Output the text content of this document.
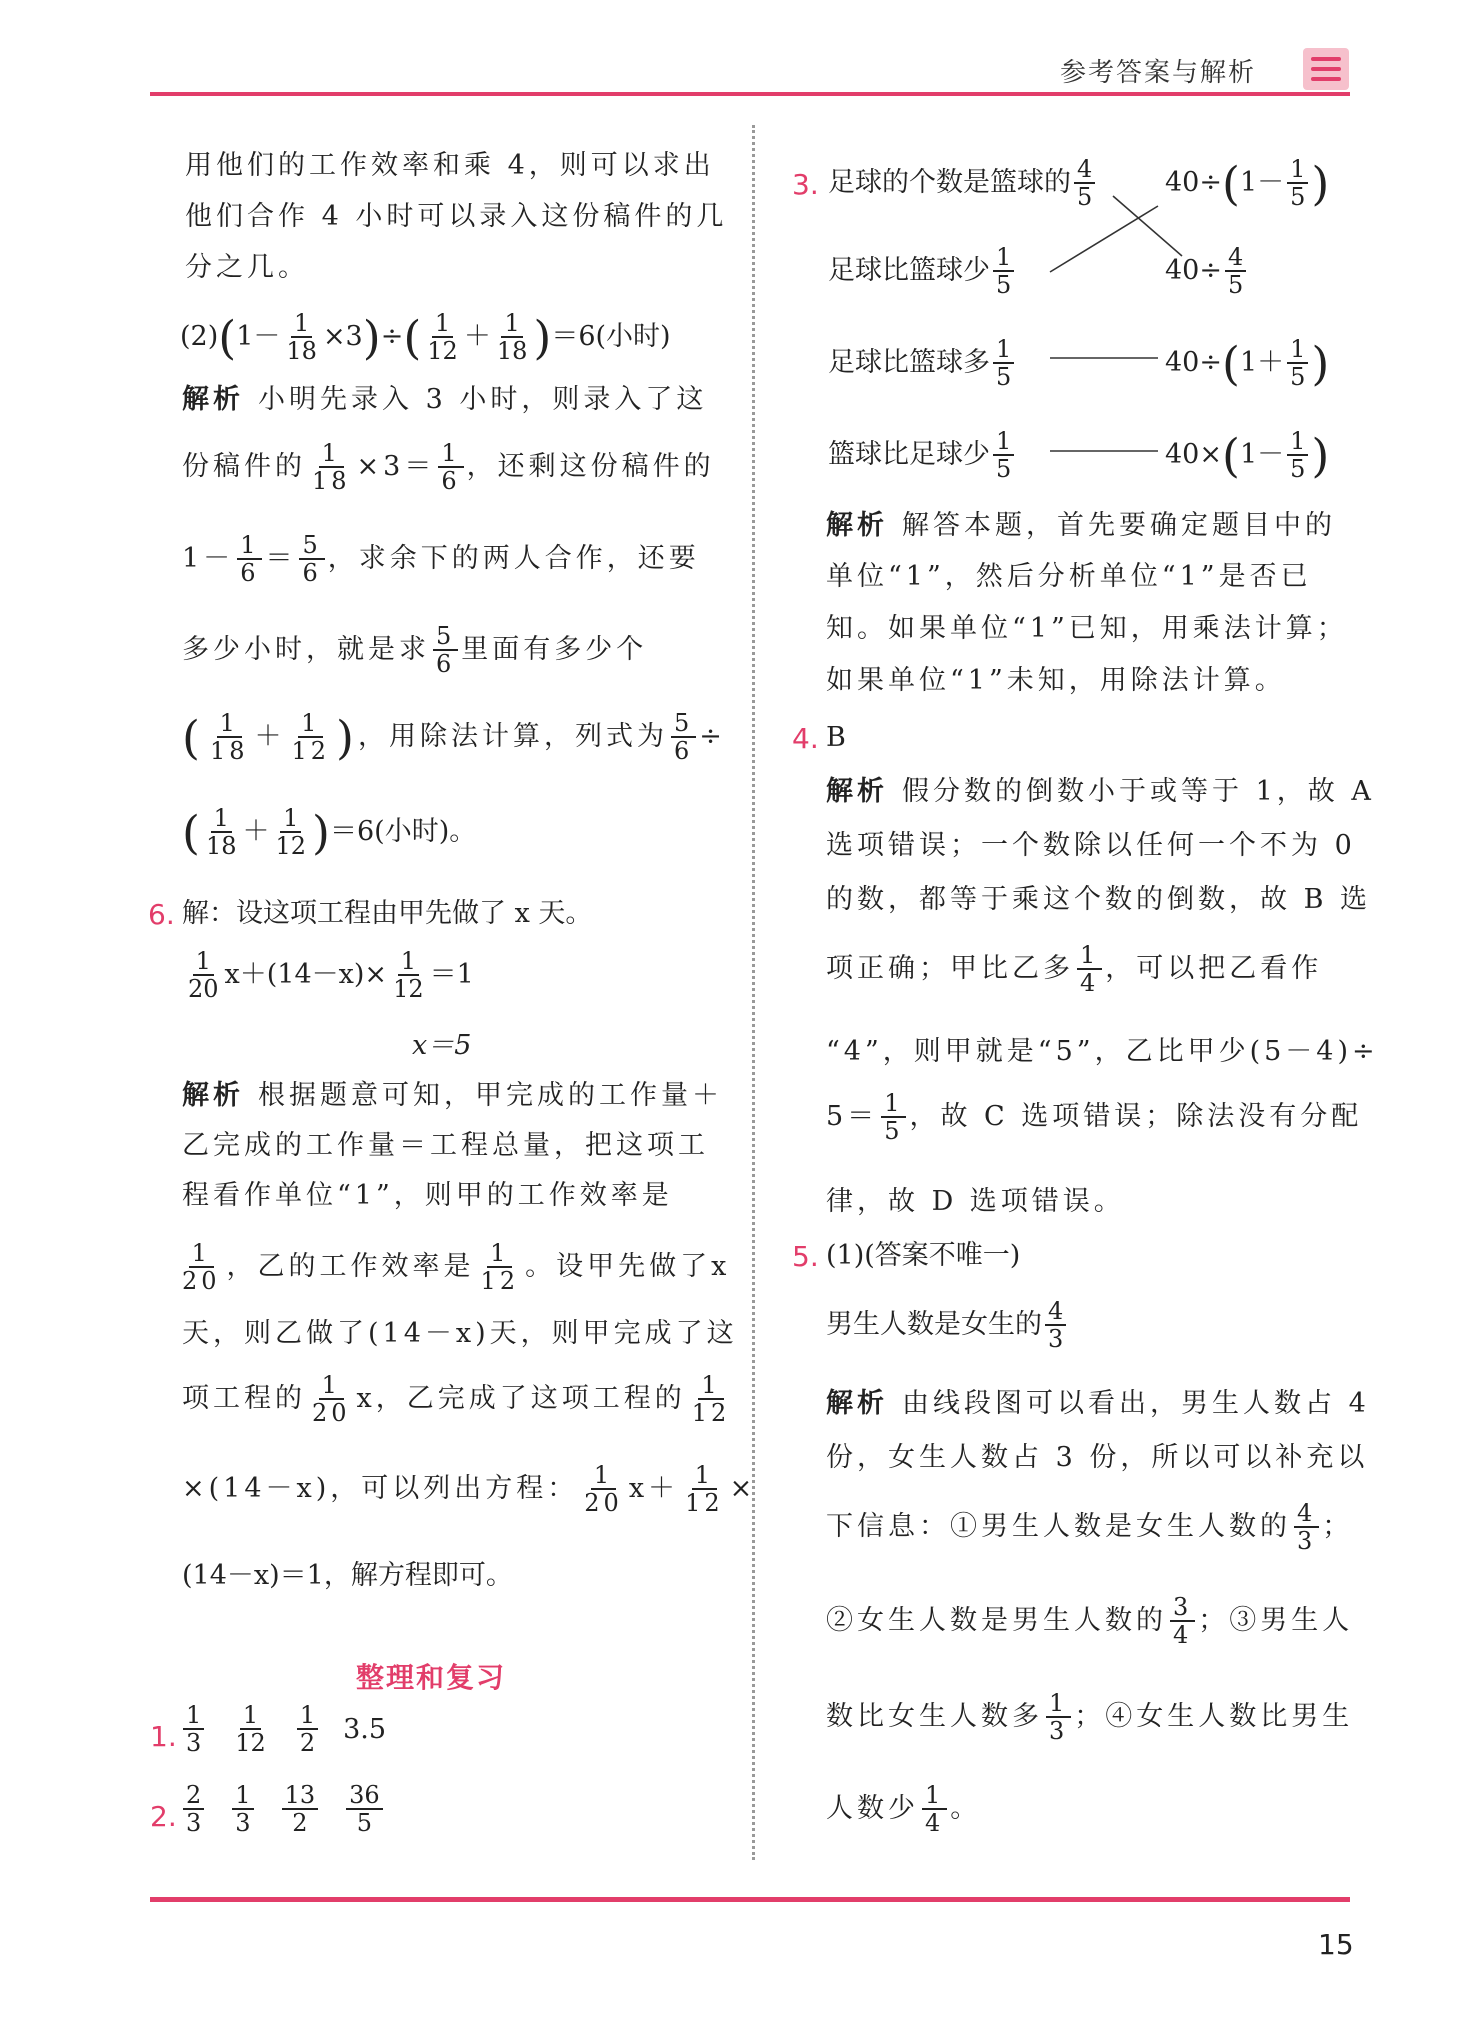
参考答案与解析
用他们的工作效率和乘 4，则可以求出
他们合作 4 小时可以录入这份稿件的几
分之几。
$(2)(1- \frac{1}{18} \times 3)\div( \frac{1}{12} + \frac{1}{18} )=6$(小时)
解析 小明先录入 3 小时，则录入了这
份稿件的 $\frac{1}{18} \times 3= \frac{1}{6}$ ，还剩这份稿件的
$1- \frac{1}{6} = \frac{5}{6}$ ，求余下的两人合作，还要
多少小时，就是求 $\frac{5}{6}$ 里面有多少个
( $\frac{1}{18} + \frac{1}{12}$ )，用除法计算，列式为 $\frac{5}{6}$ ÷
( $\frac{1}{18} + \frac{1}{12} )=6$(小时)。
6. 解：设这项工程由甲先做了 x 天。
$\frac{1}{20} x+(14-x)\times \frac{1}{12} =1$
x＝5
解析 根据题意可知，甲完成的工作量＋
乙完成的工作量＝工程总量，把这项工
程看作单位“1”，则甲的工作效率是
$\frac{1}{20}$ ，乙的工作效率是 $\frac{1}{12}$ 。设甲先做了x
天，则乙做了(14－x)天，则甲完成了这
项工程的 $\frac{1}{20}$ x，乙完成了这项工程的 $\frac{1}{12}$
×(14－x)，可以列出方程： $\frac{1}{20} x+ \frac{1}{12}$ ×
(14－x)＝1，解方程即可。
整理和复习
1. $\frac{1}{3} \frac{1}{12} \frac{1}{2} 3.5$
2. $\frac{2}{3} \frac{1}{3} \frac{13}{2} \frac{36}{5}$
3. 足球的个数是篮球的 $\frac{4}{5}$	$40\div(1- \frac{1}{5}$ )
足球比篮球少 $\frac{1}{5}$	$40\div \frac{4}{5}$
足球比篮球多 $\frac{1}{5}$	$40\div(1+ \frac{1}{5}$ )
篮球比足球少 $\frac{1}{5}$	$40\times(1- \frac{1}{5}$ )
解析 解答本题，首先要确定题目中的
单位“1”，然后分析单位“1”是否已
知。如果单位“1”已知，用乘法计算；
如果单位“1”未知，用除法计算。
4. B
解析 假分数的倒数小于或等于 1，故 A
选项错误；一个数除以任何一个不为 0
的数，都等于乘这个数的倒数，故 B 选
项正确；甲比乙多 $\frac{1}{4}$ ，可以把乙看作
“4”，则甲就是“5”，乙比甲少(5－4)÷
$5= \frac{1}{5}$ ，故 C 选项错误；除法没有分配
律，故 D 选项错误。
5. (1)(答案不唯一)
男生人数是女生的 $\frac{4}{3}$
解析 由线段图可以看出，男生人数占 4
份，女生人数占 3 份，所以可以补充以
下信息：①男生人数是女生人数的 $\frac{4}{3}$ ；
②女生人数是男生人数的 $\frac{3}{4}$ ；③男生人
数比女生人数多 $\frac{1}{3}$ ；④女生人数比男生
人数少 $\frac{1}{4}$ 。
15
